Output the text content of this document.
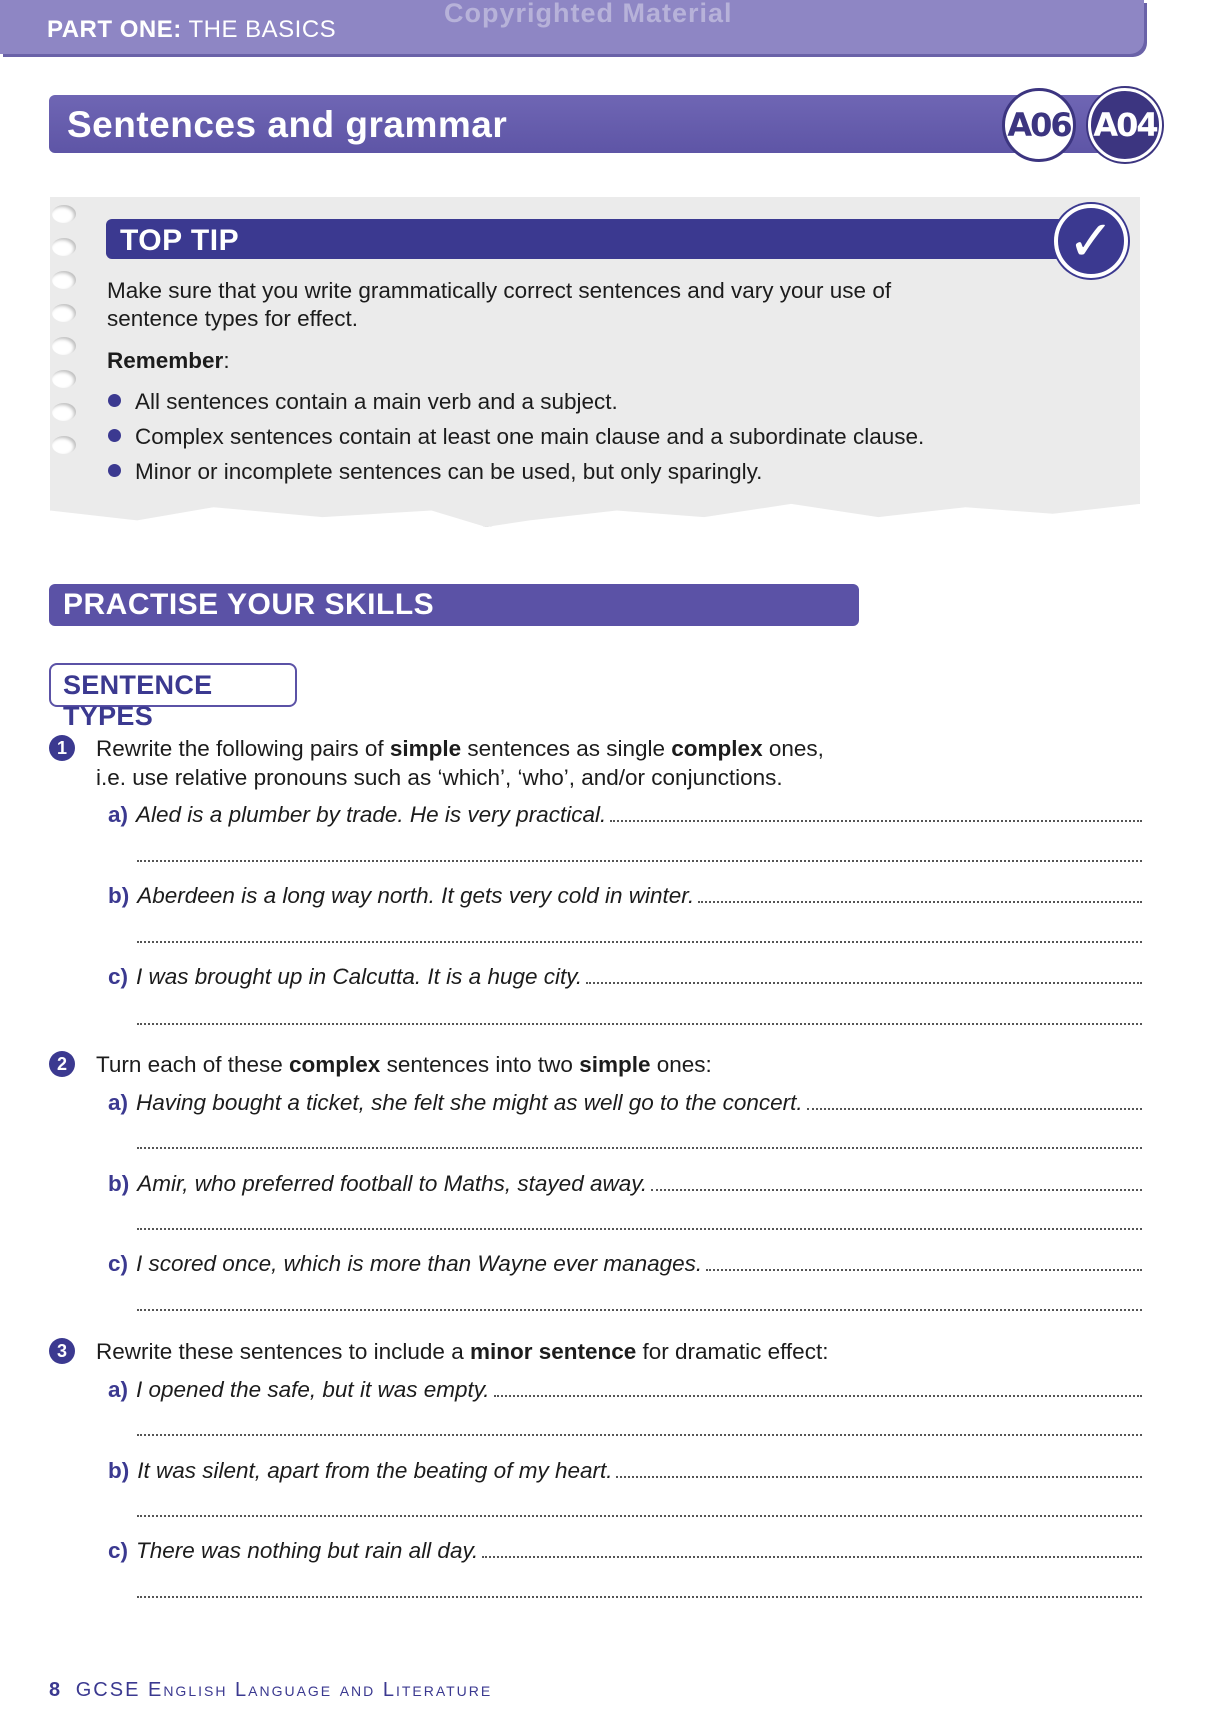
PART ONE: THE BASICS
Copyrighted Material
Sentences and grammar	A06 A04
TOP TIP	✓
Make sure that you write grammatically correct sentences and vary your use of
sentence types for effect.
Remember:
All sentences contain a main verb and a subject.
Complex sentences contain at least one main clause and a subordinate clause.
Minor or incomplete sentences can be used, but only sparingly.
PRACTISE YOUR SKILLS
SENTENCE TYPES
1	Rewrite the following pairs of simple sentences as single complex ones,
i.e. use relative pronouns such as ‘which’, ‘who’, and/or conjunctions.
a) Aled is a plumber by trade. He is very practical.
b) Aberdeen is a long way north. It gets very cold in winter.
c) I was brought up in Calcutta. It is a huge city.
2	Turn each of these complex sentences into two simple ones:
a) Having bought a ticket, she felt she might as well go to the concert.
b) Amir, who preferred football to Maths, stayed away.
c) I scored once, which is more than Wayne ever manages.
3	Rewrite these sentences to include a minor sentence for dramatic effect:
a) I opened the safe, but it was empty.
b) It was silent, apart from the beating of my heart.
c) There was nothing but rain all day.
8 GCSE English Language and Literature
